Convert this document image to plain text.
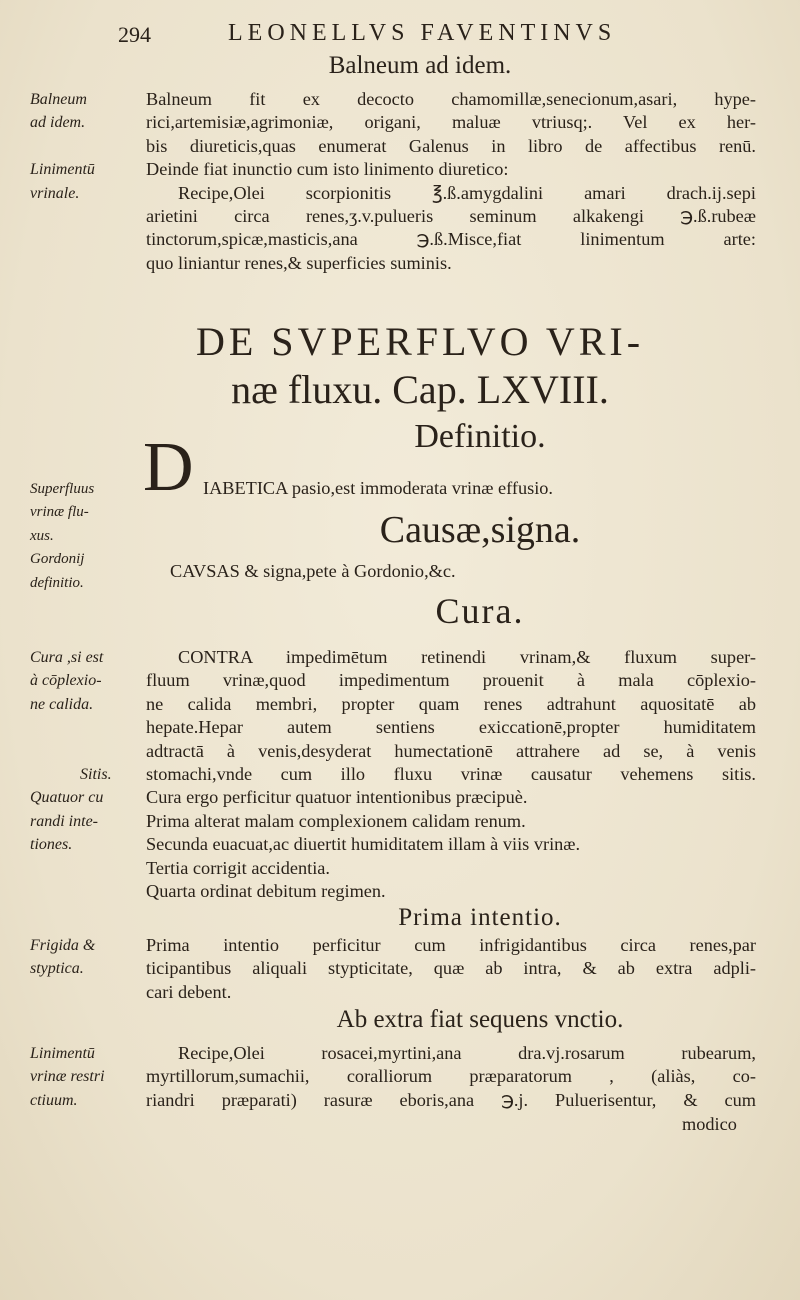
294	LEONELLVS FAVENTINVS
Balneum ad idem.
Balneum
ad idem.
Linimentū
vrinale.
Balneum fit ex decocto chamomillæ,senecionum,asari, hype-
rici,artemisiæ,agrimoniæ, origani, maluæ vtriusq;. Vel ex her-
bis diureticis,quas enumerat Galenus in libro de affectibus renū.
Deinde fiat inunctio cum isto linimento diuretico:
Recipe,Olei scorpionitis ℥.ß.amygdalini amari drach.ij.sepi
arietini circa renes,ʒ.v.pulueris seminum alkakengi ℈.ß.rubeæ
tinctorum,spicæ,masticis,ana ℈.ß.Misce,fiat linimentum arte:
quo liniantur renes,& superficies suminis.
DE SVPERFLVO VRI-
næ fluxu. Cap. LXVIII.
Definitio.
Superfluus
vrinæ flu-
xus.
Gordonij
definitio.
D IABETICA pasio,est immoderata vrinæ effusio.
Causæ,signa.
CAVSAS & signa,pete à Gordonio,&c.
Cura.
Cura ,si est
à cōplexio-
ne calida.
Sitis.
Quatuor cu
randi inte-
tiones.
CONTRA impedimētum retinendi vrinam,& fluxum super-
fluum vrinæ,quod impedimentum prouenit à mala cōplexio-
ne calida membri, propter quam renes adtrahunt aquositatē ab
hepate.Hepar autem sentiens exiccationē,propter humiditatem
adtractā à venis,desyderat humectationē attrahere ad se, à venis
stomachi,vnde cum illo fluxu vrinæ causatur vehemens sitis.
Cura ergo perficitur quatuor intentionibus præcipuè.
Prima alterat malam complexionem calidam renum.
Secunda euacuat,ac diuertit humiditatem illam à viis vrinæ.
Tertia corrigit accidentia.
Quarta ordinat debitum regimen.
Prima intentio.
Frigida &
styptica.
Prima intentio perficitur cum infrigidantibus circa renes,par
ticipantibus aliquali stypticitate, quæ ab intra, & ab extra adpli-
cari debent.
Ab extra fiat sequens vnctio.
Linimentū
vrinæ restri
ctiuum.
Recipe,Olei rosacei,myrtini,ana dra.vj.rosarum rubearum,
myrtillorum,sumachii, coralliorum præparatorum , (aliàs, co-
riandri præparati) rasuræ eboris,ana ℈.j. Puluerisentur, & cum
modico
